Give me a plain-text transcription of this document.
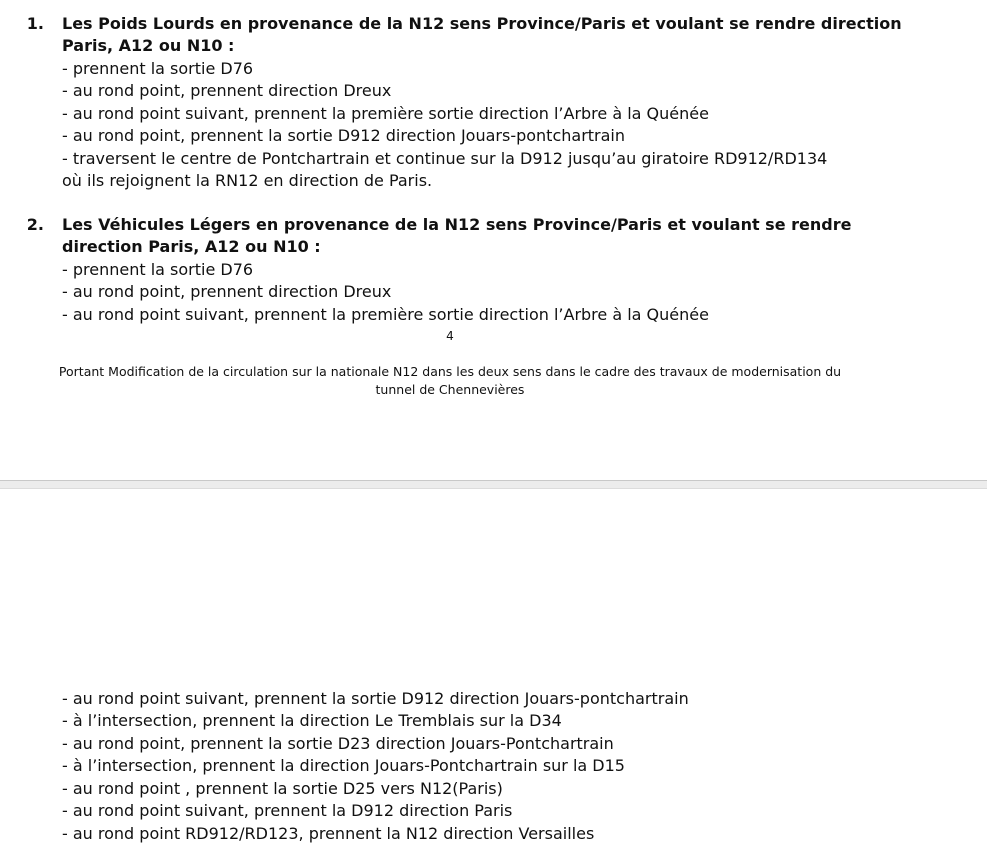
1. Les Poids Lourds en provenance de la N12 sens Province/Paris et voulant se rendre direction
Paris, A12 ou N10 :
- prennent la sortie D76
- au rond point, prennent direction Dreux
- au rond point suivant, prennent la première sortie direction l’Arbre à la Quénée
- au rond point, prennent la sortie D912 direction Jouars-pontchartrain
- traversent le centre de Pontchartrain et continue sur la D912 jusqu’au giratoire RD912/RD134
où ils rejoignent la RN12 en direction de Paris.
2. Les Véhicules Légers en provenance de la N12 sens Province/Paris et voulant se rendre
direction Paris, A12 ou N10 :
- prennent la sortie D76
- au rond point, prennent direction Dreux
- au rond point suivant, prennent la première sortie direction l’Arbre à la Quénée
4
Portant Modification de la circulation sur la nationale N12 dans les deux sens dans le cadre des travaux de modernisation du
tunnel de Chennevières
- au rond point suivant, prennent la sortie D912 direction Jouars-pontchartrain
- à l’intersection, prennent la direction Le Tremblais sur la D34
- au rond point, prennent la sortie D23 direction Jouars-Pontchartrain
- à l’intersection, prennent la direction Jouars-Pontchartrain sur la D15
- au rond point , prennent la sortie D25 vers N12(Paris)
- au rond point suivant, prennent la D912 direction Paris
- au rond point RD912/RD123, prennent la N12 direction Versailles
